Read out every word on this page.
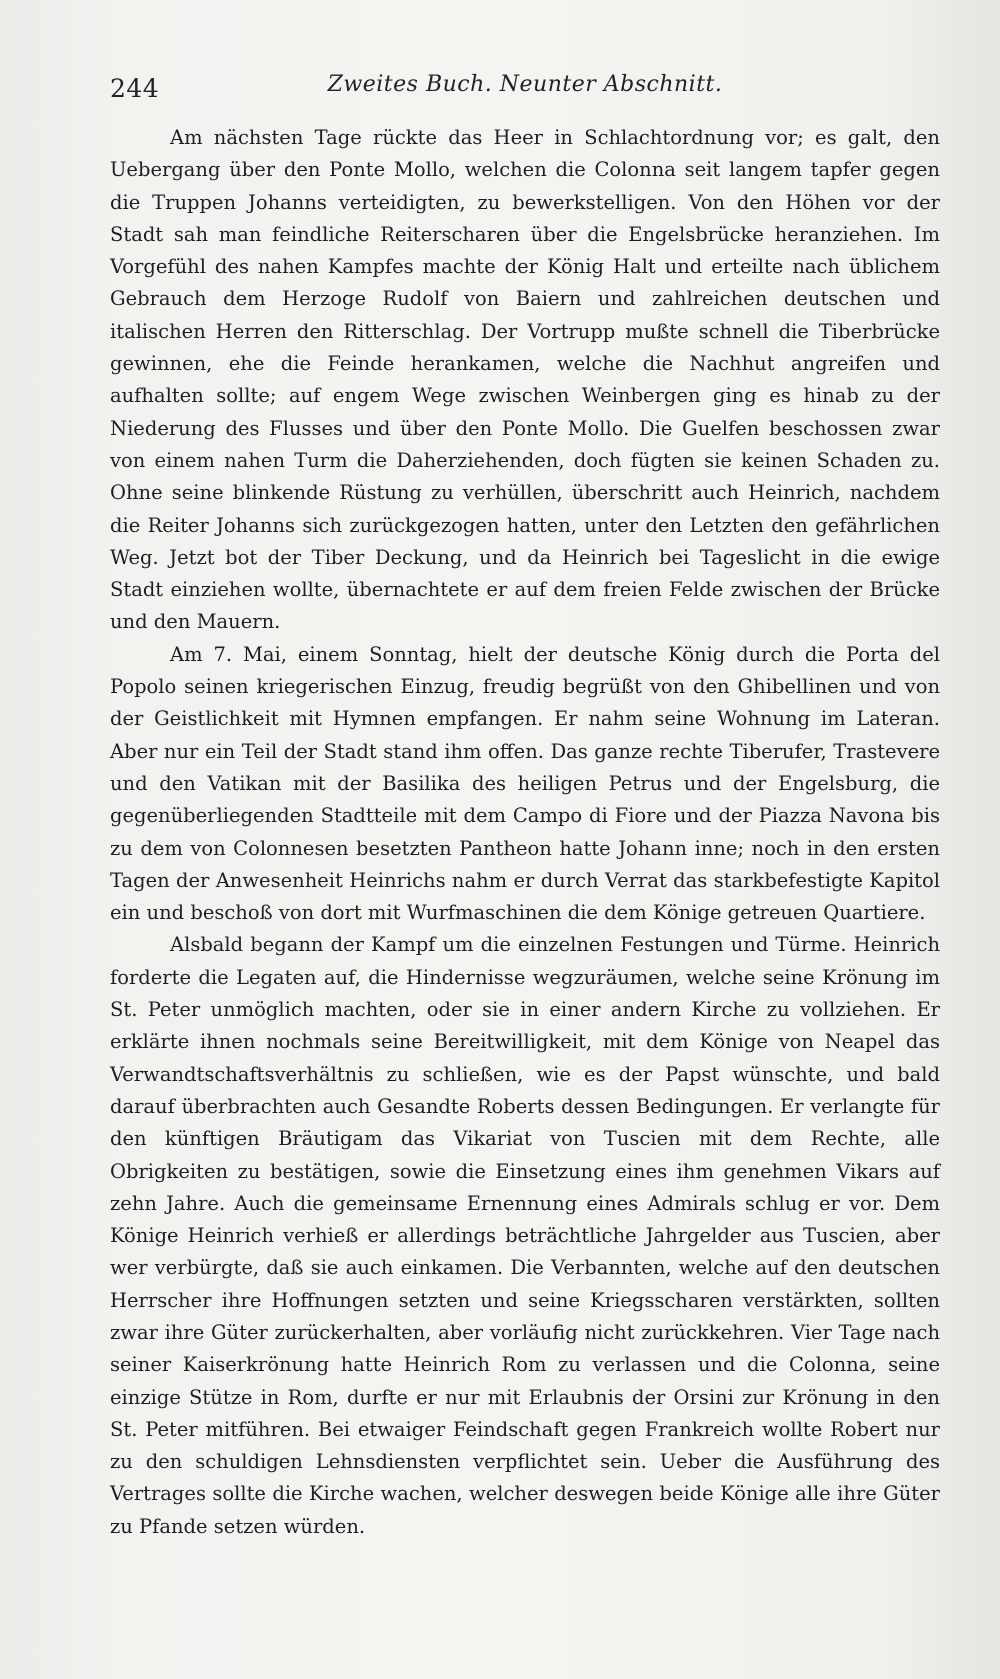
244	Zweites Buch. Neunter Abschnitt.

Am nächsten Tage rückte das Heer in Schlachtordnung vor; es galt, den Uebergang über den Ponte Mollo, welchen die Colonna seit langem tapfer gegen die Truppen Johanns verteidigten, zu bewerkstelligen. Von den Höhen vor der Stadt sah man feindliche Reiterscharen über die Engelsbrücke heranziehen. Im Vorgefühl des nahen Kampfes machte der König Halt und erteilte nach üblichem Gebrauch dem Herzoge Rudolf von Baiern und zahlreichen deutschen und italischen Herren den Ritterschlag. Der Vortrupp mußte schnell die Tiberbrücke gewinnen, ehe die Feinde herankamen, welche die Nachhut angreifen und aufhalten sollte; auf engem Wege zwischen Weinbergen ging es hinab zu der Niederung des Flusses und über den Ponte Mollo. Die Guelfen beschossen zwar von einem nahen Turm die Daherziehenden, doch fügten sie keinen Schaden zu. Ohne seine blinkende Rüstung zu verhüllen, überschritt auch Heinrich, nachdem die Reiter Johanns sich zurückgezogen hatten, unter den Letzten den gefährlichen Weg. Jetzt bot der Tiber Deckung, und da Heinrich bei Tageslicht in die ewige Stadt einziehen wollte, übernachtete er auf dem freien Felde zwischen der Brücke und den Mauern.

Am 7. Mai, einem Sonntag, hielt der deutsche König durch die Porta del Popolo seinen kriegerischen Einzug, freudig begrüßt von den Ghibellinen und von der Geistlichkeit mit Hymnen empfangen. Er nahm seine Wohnung im Lateran. Aber nur ein Teil der Stadt stand ihm offen. Das ganze rechte Tiberufer, Trastevere und den Vatikan mit der Basilika des heiligen Petrus und der Engelsburg, die gegenüberliegenden Stadtteile mit dem Campo di Fiore und der Piazza Navona bis zu dem von Colonnesen besetzten Pantheon hatte Johann inne; noch in den ersten Tagen der Anwesenheit Heinrichs nahm er durch Verrat das starkbefestigte Kapitol ein und beschoß von dort mit Wurfmaschinen die dem Könige getreuen Quartiere.

Alsbald begann der Kampf um die einzelnen Festungen und Türme. Heinrich forderte die Legaten auf, die Hindernisse wegzuräumen, welche seine Krönung im St. Peter unmöglich machten, oder sie in einer andern Kirche zu vollziehen. Er erklärte ihnen nochmals seine Bereitwilligkeit, mit dem Könige von Neapel das Verwandtschaftsverhältnis zu schließen, wie es der Papst wünschte, und bald darauf überbrachten auch Gesandte Roberts dessen Bedingungen. Er verlangte für den künftigen Bräutigam das Vikariat von Tuscien mit dem Rechte, alle Obrigkeiten zu bestätigen, sowie die Einsetzung eines ihm genehmen Vikars auf zehn Jahre. Auch die gemeinsame Ernennung eines Admirals schlug er vor. Dem Könige Heinrich verhieß er allerdings beträchtliche Jahrgelder aus Tuscien, aber wer verbürgte, daß sie auch einkamen. Die Verbannten, welche auf den deutschen Herrscher ihre Hoffnungen setzten und seine Kriegsscharen verstärkten, sollten zwar ihre Güter zurückerhalten, aber vorläufig nicht zurückkehren. Vier Tage nach seiner Kaiserkrönung hatte Heinrich Rom zu verlassen und die Colonna, seine einzige Stütze in Rom, durfte er nur mit Erlaubnis der Orsini zur Krönung in den St. Peter mitführen. Bei etwaiger Feindschaft gegen Frankreich wollte Robert nur zu den schuldigen Lehnsdiensten verpflichtet sein. Ueber die Ausführung des Vertrages sollte die Kirche wachen, welcher deswegen beide Könige alle ihre Güter zu Pfande setzen würden.
